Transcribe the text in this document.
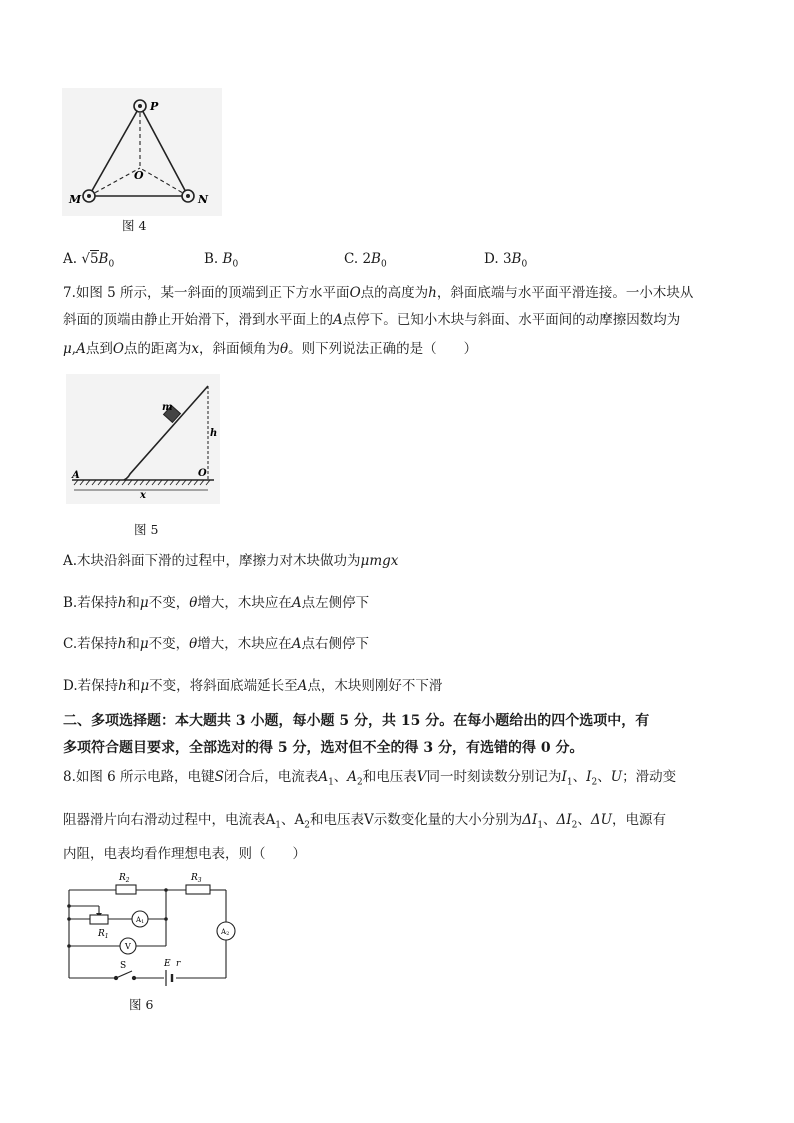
P
O
M	N
图 4
A. $√5B_0$	B. $B_0$	C. $2B_0$	D. $3B_0$
7.如图 5 所示，某一斜面的顶端到正下方水平面O点的高度为h，斜面底端与水平面平滑连接。一小木块从
斜面的顶端由静止开始滑下，滑到水平面上的A点停下。已知小木块与斜面、水平面间的动摩擦因数均为
μ,A点到O点的距离为x，斜面倾角为θ。则下列说法正确的是（　　）
m
h
O
A
x
图 5
A.木块沿斜面下滑的过程中，摩擦力对木块做功为μmgx
B.若保持h和μ不变，θ增大，木块应在A点左侧停下
C.若保持h和μ不变，θ增大，木块应在A点右侧停下
D.若保持h和μ不变，将斜面底端延长至A点，木块则刚好不下滑
二、多项选择题：本大题共 3 小题，每小题 5 分，共 15 分。在每小题给出的四个选项中，有
多项符合题目要求，全部选对的得 5 分，选对但不全的得 3 分，有选错的得 0 分。
8.如图 6 所示电路，电键S闭合后，电流表$A_1$、$A_2$和电压表V同一时刻读数分别记为$I_1$、$I_2$、U；滑动变
阻器滑片向右滑动过程中，电流表$A_1$、$A_2$和电压表V示数变化量的大小分别为$\Delta I_1$、$\Delta I_2$、ΔU，电源有
内阻，电表均看作理想电表，则（　　）
$R_2$	$R_3$
$R_1$
A1
A2
V
S	E r
图 6
